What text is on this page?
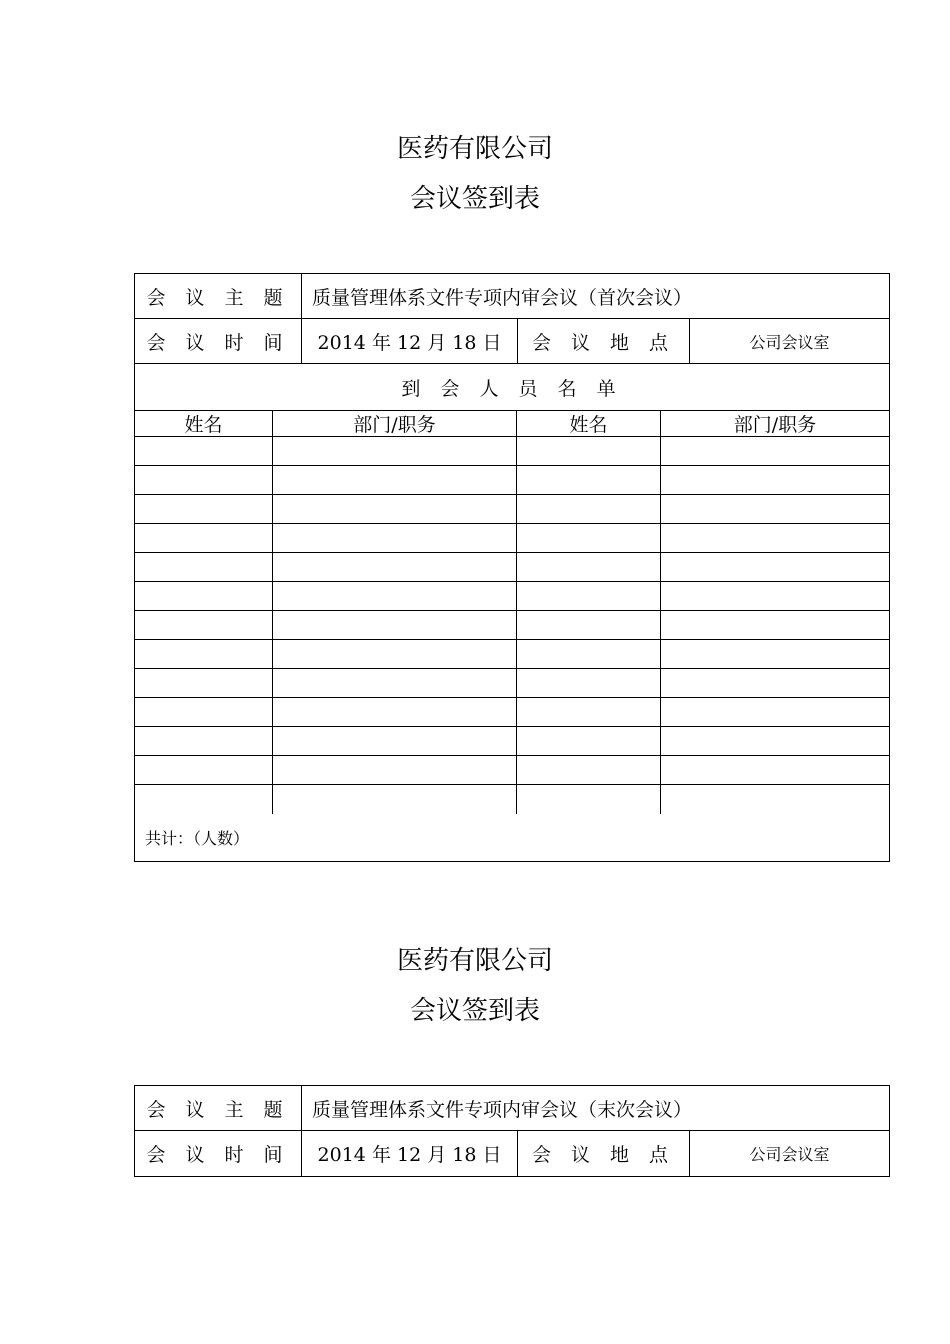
医药有限公司
会议签到表
会 议 主 题	质量管理体系文件专项内审会议（首次会议）
会 议 时 间	2014 年 12 月 18 日	会 议 地 点	公司会议室
到 会 人 员 名 单
姓名	部门/职务	姓名	部门/职务
共计：（人数）
医药有限公司
会议签到表
会 议 主 题	质量管理体系文件专项内审会议（末次会议）
会 议 时 间	2014 年 12 月 18 日	会 议 地 点	公司会议室
